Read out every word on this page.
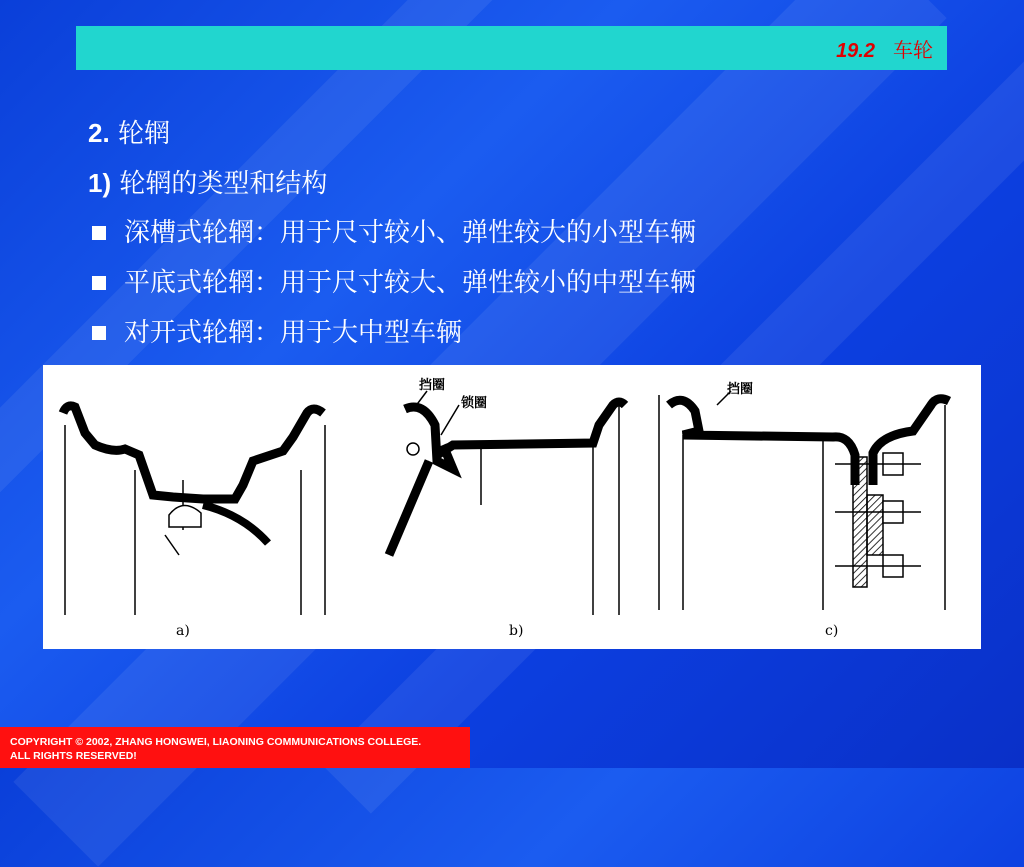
19.2 车轮
2. 轮辋
1) 轮辋的类型和结构
深槽式轮辋：用于尺寸较小、弹性较大的小型车辆
平底式轮辋：用于尺寸较大、弹性较小的中型车辆
对开式轮辋：用于大中型车辆
挡圈
锁圈
挡圈
a)	b)	c)
COPYRIGHT © 2002, ZHANG HONGWEI, LIAONING COMMUNICATIONS COLLEGE.
ALL RIGHTS RESERVED!
